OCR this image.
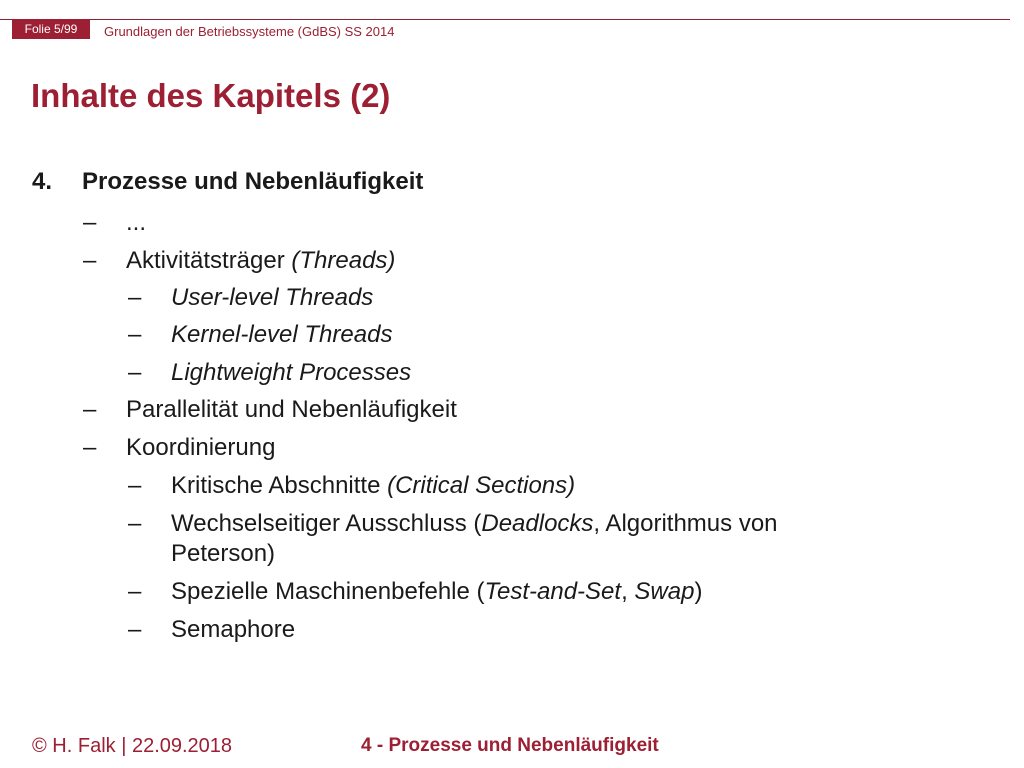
Folie 5/99	Grundlagen der Betriebssysteme (GdBS) SS 2014
Inhalte des Kapitels (2)
4. Prozesse und Nebenläufigkeit
– ...
– Aktivitätsträger (Threads)
– User-level Threads
– Kernel-level Threads
– Lightweight Processes
– Parallelität und Nebenläufigkeit
– Koordinierung
– Kritische Abschnitte (Critical Sections)
– Wechselseitiger Ausschluss (Deadlocks, Algorithmus von
Peterson)
– Spezielle Maschinenbefehle (Test-and-Set, Swap)
– Semaphore
© H. Falk | 22.09.2018	4 - Prozesse und Nebenläufigkeit
